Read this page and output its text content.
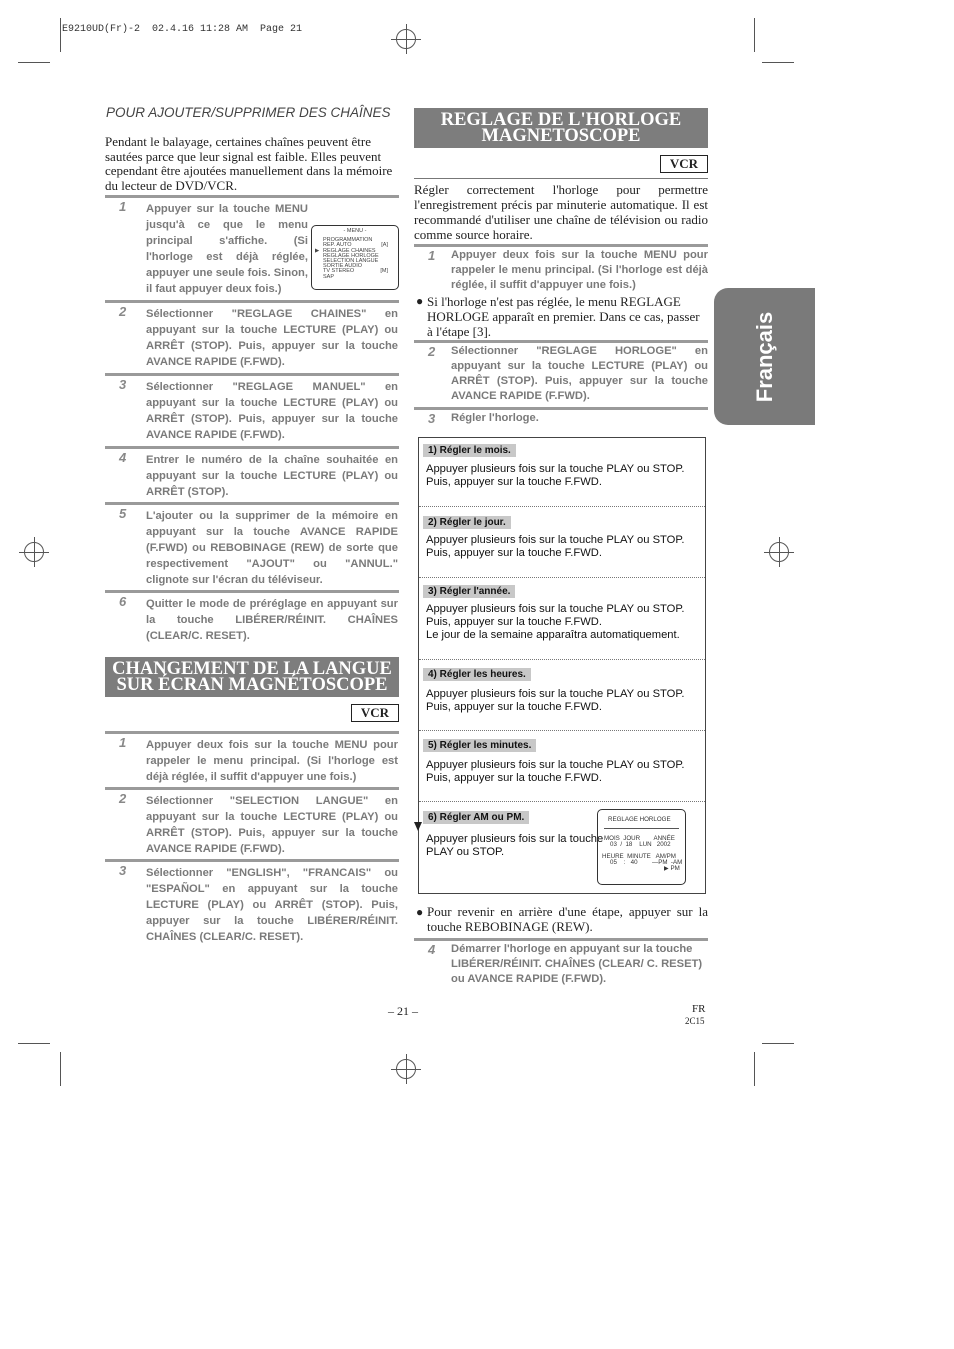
E9210UD(Fr)-2  02.4.16 11:28 AM  Page 21
POUR AJOUTER/SUPPRIMER DES CHAÎNES
Pendant le balayage, certaines chaînes peuvent être sautées parce que leur signal est faible. Elles peuvent cependant être ajoutées manuellement dans la mémoire du lecteur de DVD/VCR.
1 Appuyer sur la touche MENU jusqu'à ce que le menu principal s'affiche. (Si l'horloge est déjà réglée, appuyer une seule fois. Sinon, il faut appuyer deux fois.)
- MENU -
PROGRAMMATION
REP. AUTO	[A]
▶ REGLAGE CHAINES
REGLAGE HORLOGE
SELECTION LANGUE
SORTIE AUDIO
TV STEREO	[M]
SAP
2 Sélectionner "REGLAGE CHAINES" en appuyant sur la touche LECTURE (PLAY) ou ARRÊT (STOP). Puis, appuyer sur la touche AVANCE RAPIDE (F.FWD).
3 Sélectionner "REGLAGE MANUEL" en appuyant sur la touche LECTURE (PLAY) ou ARRÊT (STOP). Puis, appuyer sur la touche AVANCE RAPIDE (F.FWD).
4 Entrer le numéro de la chaîne souhaitée en appuyant sur la touche LECTURE (PLAY) ou ARRÊT (STOP).
5 L'ajouter ou la supprimer de la mémoire en appuyant sur la touche AVANCE RAPIDE (F.FWD) ou REBOBINAGE (REW) de sorte que respectivement "AJOUT" ou "ANNUL." clignote sur l'écran du téléviseur.
6 Quitter le mode de préréglage en appuyant sur la touche LIBÉRER/RÉINIT. CHAÎNES (CLEAR/C. RESET).
CHANGEMENT DE LA LANGUE
SUR ÉCRAN MAGNÉTOSCOPE
VCR
1 Appuyer deux fois sur la touche MENU pour rappeler le menu principal. (Si l'horloge est déjà réglée, il suffit d'appuyer une fois.)
2 Sélectionner "SELECTION LANGUE" en appuyant sur la touche LECTURE (PLAY) ou ARRÊT (STOP). Puis, appuyer sur la touche AVANCE RAPIDE (F.FWD).
3 Sélectionner "ENGLISH", "FRANCAIS" ou "ESPAÑOL" en appuyant sur la touche LECTURE (PLAY) ou ARRÊT (STOP). Puis, appuyer sur la touche LIBÉRER/RÉINIT. CHAÎNES (CLEAR/C. RESET).
REGLAGE DE L'HORLOGE
MAGNETOSCOPE
VCR
Régler correctement l'horloge pour permettre l'enregistrement précis par minuterie automatique. Il est recommandé d'utiliser une chaîne de télévision ou radio comme source horaire.
1 Appuyer deux fois sur la touche MENU pour rappeler le menu principal. (Si l'horloge est déjà réglée, il suffit d'appuyer une fois.)
● Si l'horloge n'est pas réglée, le menu REGLAGE HORLOGE apparaît en premier. Dans ce cas, passer à l'étape [3].
2 Sélectionner "REGLAGE HORLOGE" en appuyant sur la touche LECTURE (PLAY) ou ARRÊT (STOP). Puis, appuyer sur la touche AVANCE RAPIDE (F.FWD).
3 Régler l'horloge.
1) Régler le mois.
Appuyer plusieurs fois sur la touche PLAY ou STOP.
Puis, appuyer sur la touche F.FWD.
2) Régler le jour.
Appuyer plusieurs fois sur la touche PLAY ou STOP.
Puis, appuyer sur la touche F.FWD.
3) Régler l'année.
Appuyer plusieurs fois sur la touche PLAY ou STOP.
Puis, appuyer sur la touche F.FWD.
Le jour de la semaine apparaîtra automatiquement.
4) Régler les heures.
Appuyer plusieurs fois sur la touche PLAY ou STOP.
Puis, appuyer sur la touche F.FWD.
5) Régler les minutes.
Appuyer plusieurs fois sur la touche PLAY ou STOP.
Puis, appuyer sur la touche F.FWD.
6) Régler AM ou PM.
Appuyer plusieurs fois sur la touche
PLAY ou STOP.
REGLAGE HORLOGE
MOIS  JOUR        ANNÉE
03  /  18    LUN   2002
HEURE  MINUTE   AM/PM
05    :   40 —PM  -AM
▶ PM
● Pour revenir en arrière d'une étape, appuyer sur la touche REBOBINAGE (REW).
4 Démarrer l'horloge en appuyant sur la touche LIBÉRER/RÉINIT. CHAÎNES (CLEAR/ C. RESET) ou AVANCE RAPIDE (F.FWD).
Français
– 21 –	FR
2C15
